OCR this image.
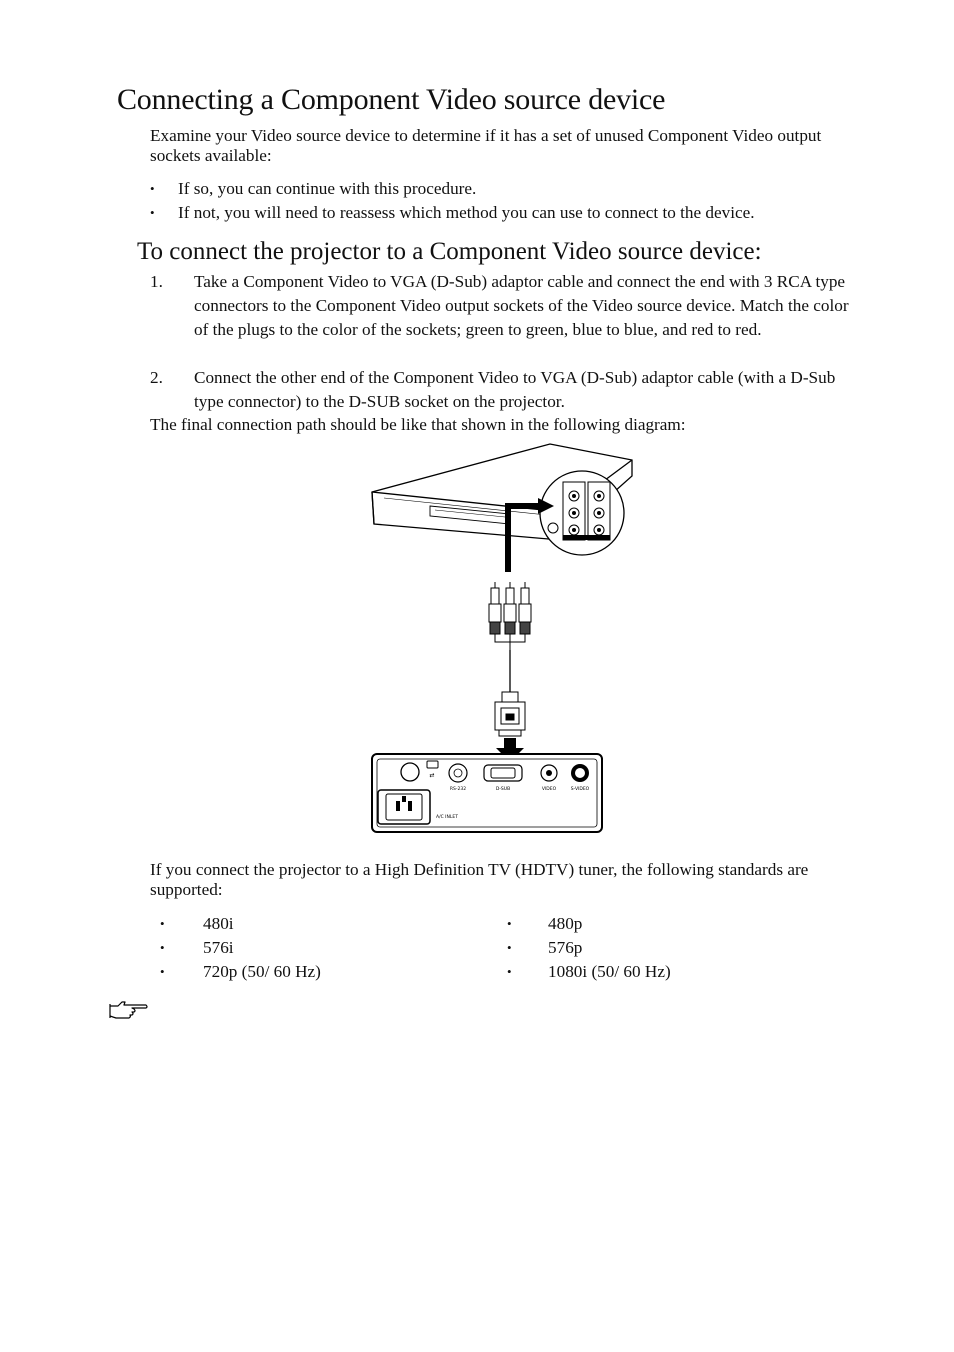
Connecting a Component Video source device
Examine your Video source device to determine if it has a set of unused Component Video output sockets available:
• If so, you can continue with this procedure.
• If not, you will need to reassess which method you can use to connect to the device.
To connect the projector to a Component Video source device:
1. Take a Component Video to VGA (D-Sub) adaptor cable and connect the end with 3 RCA type connectors to the Component Video output sockets of the Video source device. Match the color of the plugs to the color of the sockets; green to green, blue to blue, and red to red.
2. Connect the other end of the Component Video to VGA (D-Sub) adaptor cable (with a D-Sub type connector) to the D-SUB socket on the projector.
The final connection path should be like that shown in the following diagram:
⇄
RS-232	D-SUB	VIDEO	S-VIDEO
A/C INLET
If you connect the projector to a High Definition TV (HDTV) tuner, the following standards are supported:
• 480i
• 576i
• 720p (50/ 60 Hz)
• 480p
• 576p
• 1080i (50/ 60 Hz)
